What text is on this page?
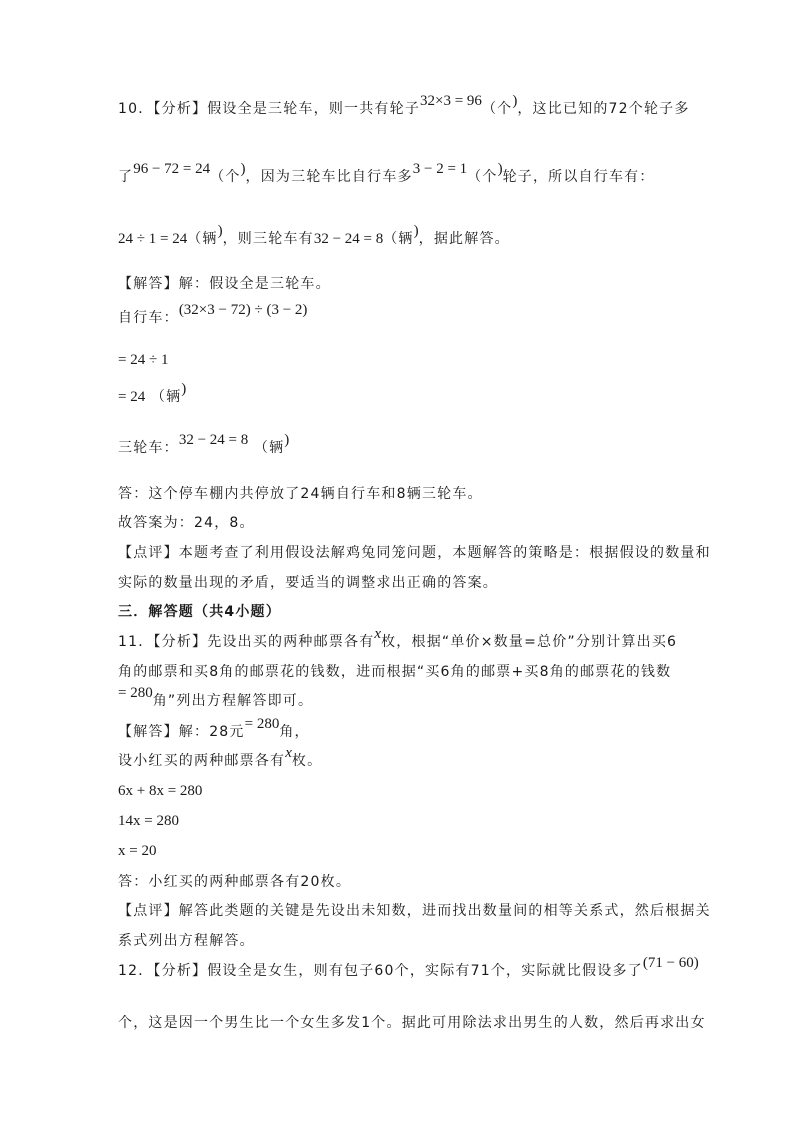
10．【分析】假设全是三轮车，则一共有轮子32×3 = 96（个)，这比已知的72个轮子多
了96 − 72 = 24（个)，因为三轮车比自行车多3 − 2 = 1（个)轮子，所以自行车有：
24 ÷ 1 = 24（辆)，则三轮车有32 − 24 = 8（辆)，据此解答。
【解答】解：假设全是三轮车。
自行车：(32×3 − 72) ÷ (3 − 2)
= 24 ÷ 1
= 24 （辆)
三轮车：32 − 24 = 8 （辆)
答：这个停车棚内共停放了24辆自行车和8辆三轮车。
故答案为：24，8。
【点评】本题考查了利用假设法解鸡兔同笼问题，本题解答的策略是：根据假设的数量和
实际的数量出现的矛盾，要适当的调整求出正确的答案。
三．解答题（共4小题）
11．【分析】先设出买的两种邮票各有x枚，根据“单价×数量=总价”分别计算出买6
角的邮票和买8角的邮票花的钱数，进而根据“买6角的邮票+买8角的邮票花的钱数
= 280角”列出方程解答即可。
【解答】解：28元= 280角，
设小红买的两种邮票各有x枚。
6x + 8x = 280
14x = 280
x = 20
答：小红买的两种邮票各有20枚。
【点评】解答此类题的关键是先设出未知数，进而找出数量间的相等关系式，然后根据关
系式列出方程解答。
12．【分析】假设全是女生，则有包子60个，实际有71个，实际就比假设多了(71 − 60)
个，这是因一个男生比一个女生多发1个。据此可用除法求出男生的人数，然后再求出女
